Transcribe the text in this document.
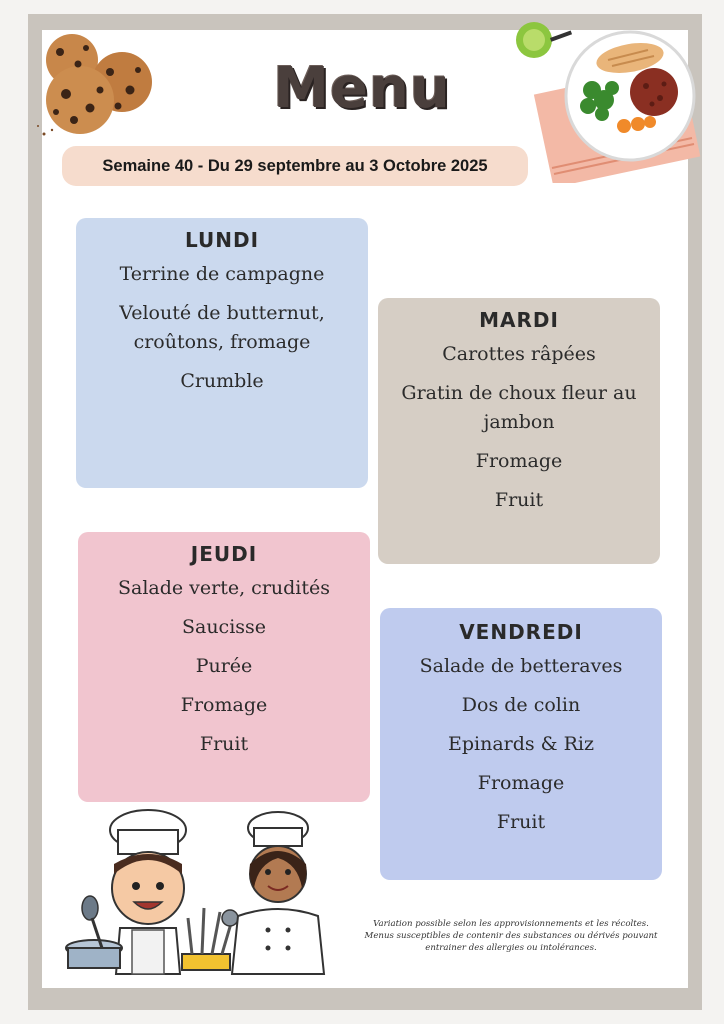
Menu
Semaine 40 - Du 29 septembre au 3 Octobre 2025
LUNDI

Terrine de campagne

Velouté de butternut, croûtons, fromage

Crumble

MARDI

Carottes râpées

Gratin de choux fleur au jambon

Fromage

Fruit

JEUDI

Salade verte, crudités

Saucisse

Purée

Fromage

Fruit

VENDREDI

Salade de betteraves

Dos de colin

Epinards & Riz

Fromage

Fruit

Variation possible selon les approvisionnements et les récoltes.
Menus susceptibles de contenir des substances ou dérivés pouvant
entrainer des allergies ou intolérances.
